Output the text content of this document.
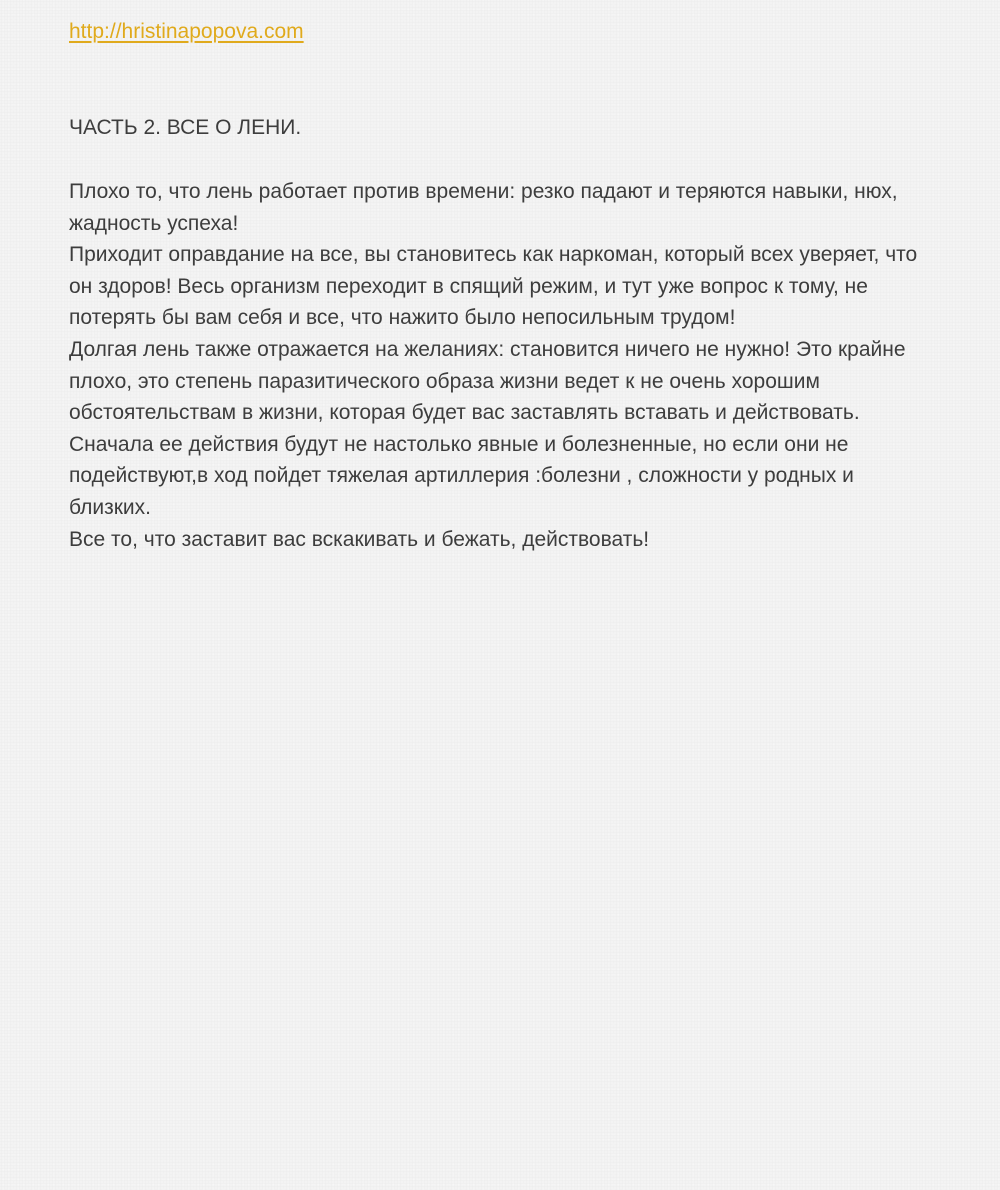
http://hristinapopova.com

ЧАСТЬ 2. ВСЕ О ЛЕНИ.

Плохо то, что лень работает против времени: резко падают и теряются навыки, нюх, жадность успеха!

Приходит оправдание на все, вы становитесь как наркоман, который всех уверяет, что он здоров! Весь организм переходит в спящий режим, и тут уже вопрос к тому, не потерять бы вам себя и все, что нажито было непосильным трудом!

Долгая лень также отражается на желаниях: становится ничего не нужно! Это крайне плохо, это степень паразитического образа жизни ведет к не очень хорошим обстоятельствам в жизни, которая будет вас заставлять вставать и действовать.

Сначала ее действия будут не настолько явные и болезненные, но если они не подействуют,в ход пойдет тяжелая артиллерия :болезни , сложности у родных и близких.

Все то, что заставит вас вскакивать и бежать, действовать!
